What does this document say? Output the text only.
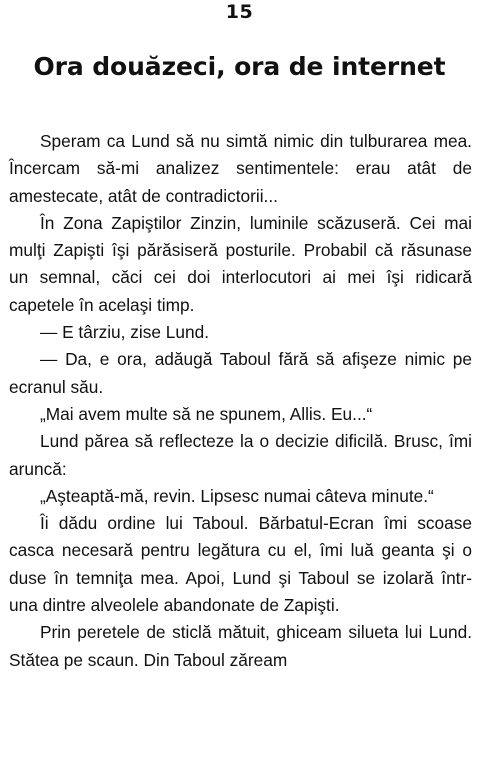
15
Ora douăzeci, ora de internet

Speram ca Lund să nu simtă nimic din tulburarea mea. Încercam să-mi analizez sentimentele: erau atât de amestecate, atât de contradictorii...

În Zona Zapiştilor Zinzin, luminile scăzuseră. Cei mai mulţi Zapişti îşi părăsiseră posturile. Probabil că răsunase un semnal, căci cei doi interlocutori ai mei îşi ridicară capetele în acelaşi timp.

— E târziu, zise Lund.

— Da, e ora, adăugă Taboul fără să afişeze nimic pe ecranul său.

„Mai avem multe să ne spunem, Allis. Eu...“

Lund părea să reflecteze la o decizie dificilă. Brusc, îmi aruncă:

„Aşteaptă-mă, revin. Lipsesc numai câteva minute.“

Îi dădu ordine lui Taboul. Bărbatul-Ecran îmi scoase casca necesară pentru legătura cu el, îmi luă geanta şi o duse în temniţa mea. Apoi, Lund şi Taboul se izolară într-una dintre alveolele abandonate de Zapişti.

Prin peretele de sticlă mătuit, ghiceam silueta lui Lund. Stătea pe scaun. Din Taboul zăream
